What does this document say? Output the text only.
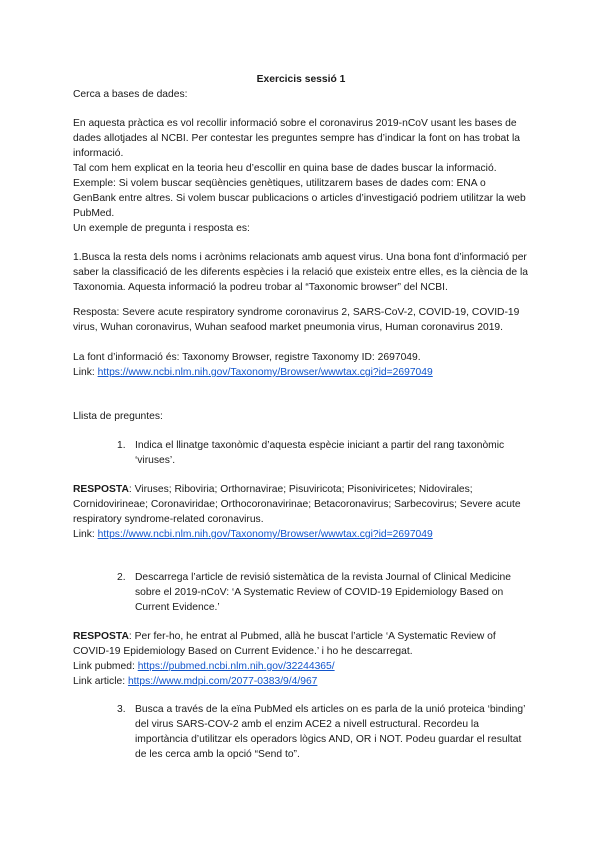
Exercicis sessió 1
Cerca a bases de dades:
En aquesta pràctica es vol recollir informació sobre el coronavirus 2019-nCoV usant les bases de dades allotjades al NCBI. Per contestar les preguntes sempre has d’indicar la font on has trobat la informació.
Tal com hem explicat en la teoria heu d’escollir en quina base de dades buscar la informació. Exemple: Si volem buscar seqüències genètiques, utilitzarem bases de dades com: ENA o GenBank entre altres. Si volem buscar publicacions o articles d’investigació podriem utilitzar la web PubMed.
Un exemple de pregunta i resposta es:
1.Busca la resta dels noms i acrònims relacionats amb aquest virus. Una bona font d’informació per saber la classificació de les diferents espècies i la relació que existeix entre elles, es la ciència de la Taxonomia. Aquesta informació la podreu trobar al “Taxonomic browser” del NCBI.
Resposta: Severe acute respiratory syndrome coronavirus 2, SARS-CoV-2, COVID-19, COVID-19 virus, Wuhan coronavirus, Wuhan seafood market pneumonia virus, Human coronavirus 2019.
La font d’informació és: Taxonomy Browser, registre Taxonomy ID: 2697049.
Link: https://www.ncbi.nlm.nih.gov/Taxonomy/Browser/wwwtax.cgi?id=2697049
Llista de preguntes:
1. Indica el llinatge taxonòmic d’aquesta espècie iniciant a partir del rang taxonòmic ‘viruses’.
RESPOSTA: Viruses; Riboviria; Orthornavirae; Pisuviricota; Pisoniviricetes; Nidovirales; Cornidovirineae; Coronaviridae; Orthocoronavirinae; Betacoronavirus; Sarbecovirus; Severe acute respiratory syndrome-related coronavirus.
Link: https://www.ncbi.nlm.nih.gov/Taxonomy/Browser/wwwtax.cgi?id=2697049
2. Descarrega l’article de revisió sistemàtica de la revista Journal of Clinical Medicine sobre el 2019-nCoV: ‘A Systematic Review of COVID-19 Epidemiology Based on Current Evidence.’
RESPOSTA: Per fer-ho, he entrat al Pubmed, allà he buscat l’article ‘A Systematic Review of COVID-19 Epidemiology Based on Current Evidence.’ i ho he descarregat.
Link pubmed: https://pubmed.ncbi.nlm.nih.gov/32244365/
Link article: https://www.mdpi.com/2077-0383/9/4/967
3. Busca a través de la eïna PubMed els articles on es parla de la unió proteica ‘binding’ del virus SARS-COV-2 amb el enzim ACE2 a nivell estructural. Recordeu la importància d’utilitzar els operadors lògics AND, OR i NOT. Podeu guardar el resultat de les cerca amb la opció “Send to”.
